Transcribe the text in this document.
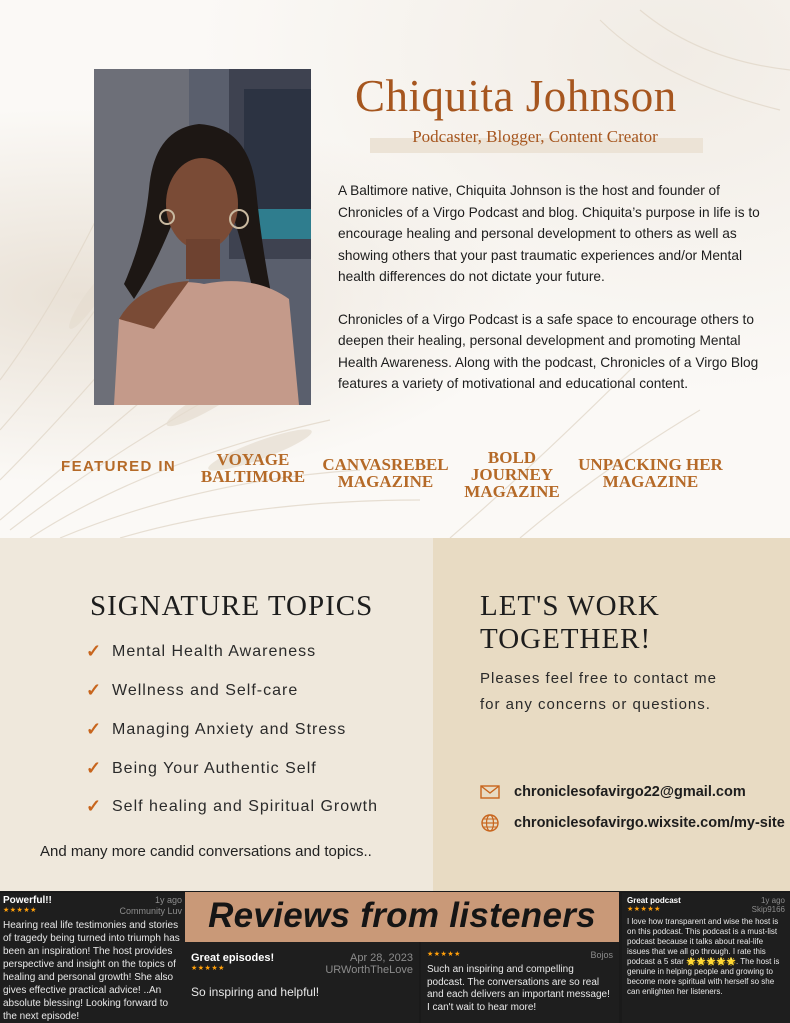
Chiquita Johnson
Podcaster, Blogger, Content Creator

A Baltimore native, Chiquita Johnson is the host and founder of Chronicles of a Virgo Podcast and blog. Chiquita’s purpose in life is to encourage healing and personal development to others as well as showing others that your past traumatic experiences and/or Mental health differences do not dictate your future.

Chronicles of a Virgo Podcast is a safe space to encourage others to deepen their healing, personal development and promoting Mental Health Awareness. Along with the podcast, Chronicles of a Virgo Blog features a variety of motivational and educational content.

FEATURED IN	VOYAGE
BALTIMORE
CANVASREBEL
MAGAZINE
BOLD
JOURNEY
MAGAZINE
UNPACKING HER
MAGAZINE
SIGNATURE TOPICS
✓ Mental Health Awareness
✓ Wellness and Self-care
✓ Managing Anxiety and Stress
✓ Being Your Authentic Self
✓ Self healing and Spiritual Growth
And many more candid conversations and topics..
LET'S WORK TOGETHER!
Pleases feel free to contact me for any concerns or questions.
chroniclesofavirgo22@gmail.com
chroniclesofavirgo.wixsite.com/my-site
Powerful!!	1y ago
★★★★★	Community Luv
Hearing real life testimonies and stories of tragedy being turned into triumph has been an inspiration! The host provides perspective and insight on the topics of healing and personal growth! She also gives effective practical advice! ..An absolute blessing! Looking forward to the next episode!
Great episodes!	Apr 28, 2023
★★★★★	URWorthTheLove
So inspiring and helpful!
★★★★★	Bojos
Such an inspiring and compelling podcast. The conversations are so real and each delivers an important message! I can't wait to hear more!
Great podcast	1y ago
★★★★★	Skip9166
I love how transparent and wise the host is on this podcast. This podcast is a must-list podcast because it talks about real-life issues that we all go through. I rate this podcast a 5 star 🌟🌟🌟🌟🌟. The host is genuine in helping people and growing to become more spiritual with herself so she can enlighten her listeners.
Reviews from listeners
